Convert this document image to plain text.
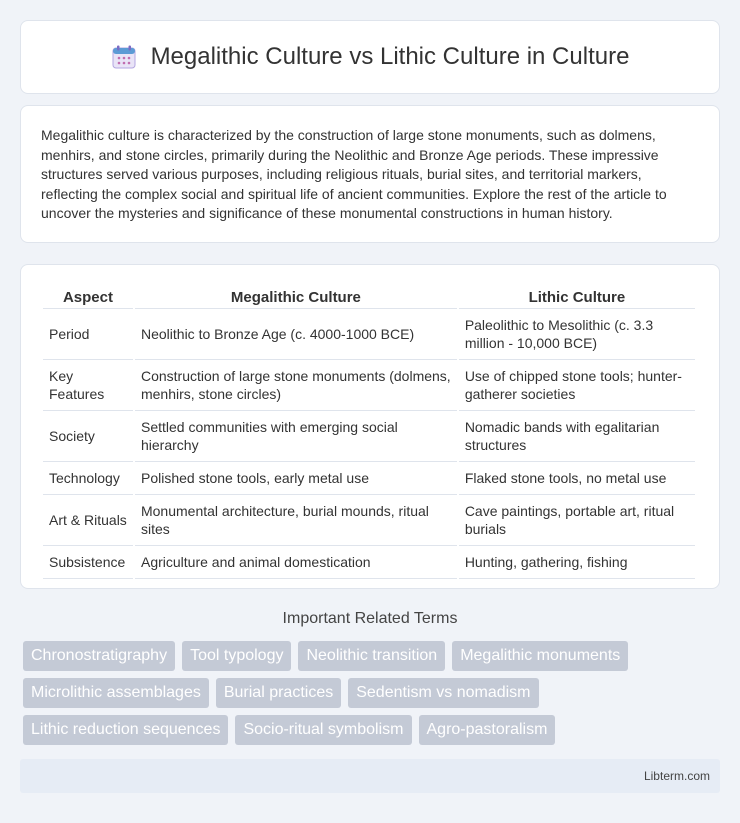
Megalithic Culture vs Lithic Culture in Culture

Megalithic culture is characterized by the construction of large stone monuments, such as dolmens, menhirs, and stone circles, primarily during the Neolithic and Bronze Age periods. These impressive structures served various purposes, including religious rituals, burial sites, and territorial markers, reflecting the complex social and spiritual life of ancient communities. Explore the rest of the article to uncover the mysteries and significance of these monumental constructions in human history.

Aspect	Megalithic Culture	Lithic Culture
Period	Neolithic to Bronze Age (c. 4000-1000 BCE)	Paleolithic to Mesolithic (c. 3.3 million - 10,000 BCE)
Key Features	Construction of large stone monuments (dolmens, menhirs, stone circles)	Use of chipped stone tools; hunter-gatherer societies
Society	Settled communities with emerging social hierarchy	Nomadic bands with egalitarian structures
Technology	Polished stone tools, early metal use	Flaked stone tools, no metal use
Art & Rituals	Monumental architecture, burial mounds, ritual sites	Cave paintings, portable art, ritual burials
Subsistence	Agriculture and animal domestication	Hunting, gathering, fishing
Important Related Terms
Chronostratigraphy	Tool typology	Neolithic transition	Megalithic monuments
Microlithic assemblages	Burial practices	Sedentism vs nomadism
Lithic reduction sequences	Socio-ritual symbolism	Agro-pastoralism
Libterm.com
